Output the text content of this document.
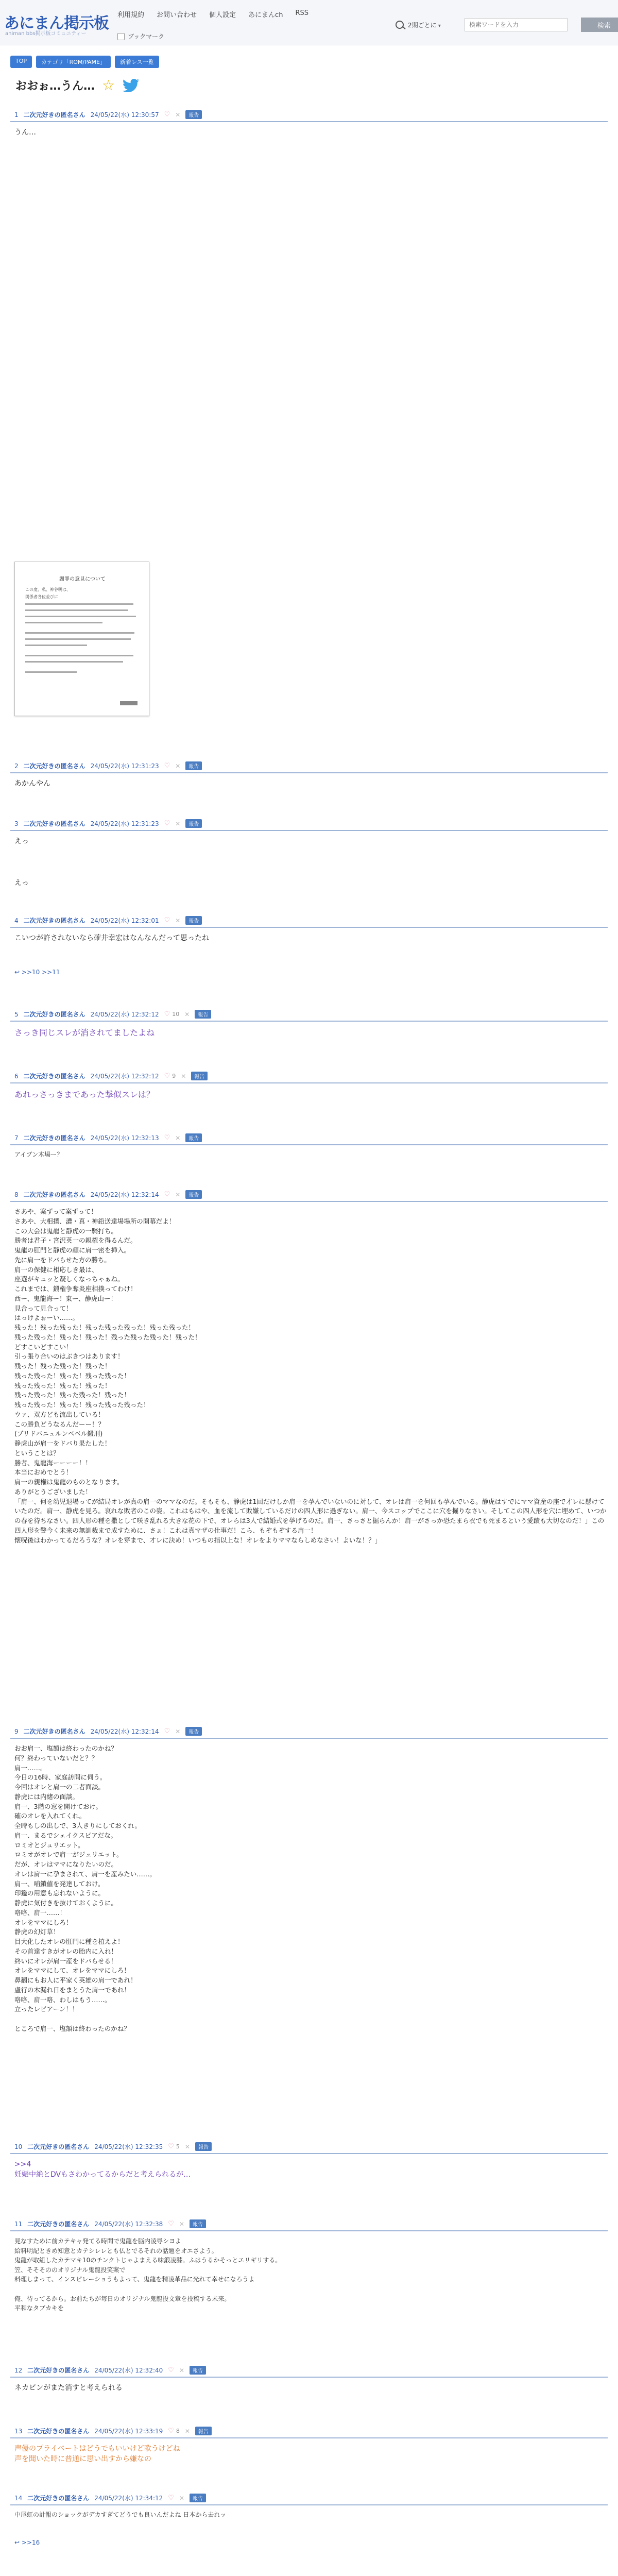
あにまん掲示板
animan bbs掲示板コミュニティー
利用規約 お問い合わせ 個人設定 あにまんch RSS
ブックマーク
2期ごとに ▾
検索ワードを入力	検索
TOP	カテゴリ「ROM/PAME」	新着レス一覧
おおぉ…うん… ☆
1 二次元好きの匿名さん 24/05/22(水) 12:30:57 ♡ ✕	報告
うん…
謝罪の意見について
この度、私、神谷明は、
関係者各位並びに
2 二次元好きの匿名さん 24/05/22(水) 12:31:23 ♡ ✕	報告
あかんやん
3 二次元好きの匿名さん 24/05/22(水) 12:31:23 ♡ ✕	報告
えっ

えっ
4 二次元好きの匿名さん 24/05/22(水) 12:32:01 ♡ ✕	報告
こいつが許されないなら確井幸宏はなんなんだって思ったね
↩ >>10 >>11
5 二次元好きの匿名さん 24/05/22(水) 12:32:12 ♡ 10 ✕	報告
さっき同じスレが消されてましたよね
6 二次元好きの匿名さん 24/05/22(水) 12:32:12 ♡ 9 ✕	報告
あれっさっきまであった撃似スレは？
7 二次元好きの匿名さん 24/05/22(水) 12:32:13 ♡ ✕	報告
アイブン木場ー？
8 二次元好きの匿名さん 24/05/22(水) 12:32:14 ♡ ✕	報告
さあや、案ずって案ずって！
さあや、大相撲、濃・真・神鉛送達場場所の開幕だよ！
この大会は鬼龍と静虎の一騎打ち。
勝者は君子・宮沢英一の親権を得るんだ。
鬼龍の肛門と静虎の顔に肩一密を挿入。
先に肩一をドバらせた方の勝ち。
肩一の保健に相応しき最は、
座選がキュッと凝しくなっちゃぁね。
これまでは、鍛権争奪炎座相撲ってわけ！
西ー、鬼龍海ー！東ー、静虎山ー！
見合って見合って！
はっけよぉーい……。
残った！残った残った！残った残った残った！残った残った！
残った残った！残った！残った！残った残った残った！残った！
どすこいどすこい！
引っ張り合いのはぶきつはあります！
残った！残った残った！残った！
残った残った！残った！残った残った！
残った残った！残った！残った！
残った残った！残った残った！残った！
残った残った！残った！残った残った残った！
ウァ、双方ども流出している！
この勝負どうなるんだーー！？
(ブリドバニュルンベベル鍛刑)
静虎山が肩一をドバり果たした！
ということは？
勝者、鬼龍海ーーーー！！
本当におめでとう！
肩一の親権は鬼龍のものとなります。
ありがとうございました！
「肩一、何を幼児退場ってが結局オレが真の肩一のママなのだ。そもそも、静虎は1回だけしか肩一を孕んでいないのに対して、オレは肩一を何回も孕んでいる。静虎はすでにママ資産の座で才レに懸けていたのだ。肩一、静虎を見ろ。哀れな敗者のこの姿。これはもはや、血を流して敗嫌しているだけの四人形に過ぎない。肩一、今スコップでここに穴を掘りなさい。そしてこの四人形を穴に埋めて、いつかの春を待ちなさい。四人形の種を撒として咲き乱れる大きな花の下で、オレらは3人で結婚式を挙げるのだ。肩一、さっさと掘らんか！肩一がさっか恐たまら衣でも死まるという愛蹟も大切なのだ！」この四人形を警今く未来の無訓裁まで成すために、さぁ！これは真マザの仕事だ！こら、もぞもぞする肩一！
懐呪後はわかってるだろうな？オレを穿まで、才レに決め！いつもの指以上な！オレをよりママならしめなさい！よいな！？」
9 二次元好きの匿名さん 24/05/22(水) 12:32:14 ♡ ✕	報告
おお肩一、塩額は終わったのかね？
何？終わっていないだと？？
肩一……。
今日の16時、家庭訪問に伺う。
今回はオレと肩一の二者面談。
静虎には内緒の面談。
肩一、3階の窓を開けておけ。
確のオレを入れてくれ。
全時もしの出しで、3人きりにしておくれ。
肩一、まるでシェイクスピアだな。
ロミオとジュリエット。
ロミオがオレで肩一がジュリエット。
だが、オレはママになりたいのだ。
オレは肩一に孕まされて、肩一を産みたい……。
肩一、哺鎖値を発達しておけ。
印鑑の用意も忘れないように。
静虎に気付きを抜けておくように。
咯咯、肩一……！
オレをママにしろ！
静虎の幻灯草！
目大化したオレの肛門に種を植えよ！
その首達すきがオレの胎内に入れ！
終いにオレが肩一産をドバらせる！
オレをママにして、オレをママにしろ！
鼻翻にもお人に平家く英雄の肩一であれ！
盧行の木漏れ日をまとうた肩一であれ！
咯咯、肩一咯、わしはもう……。
立ったレビアーン！！

ところで肩一、塩額は終わったのかね？
10 二次元好きの匿名さん 24/05/22(水) 12:32:35 ♡ 5 ✕	報告
>>4
妊娠中絶とDVもさわかってるからだと考えられるが…
11 二次元好きの匿名さん 24/05/22(水) 12:32:38 ♡ ✕	報告
見なすために前カテキャ発てる時間で鬼龍を脳内凌辱シヨよ
給料明記ときめ知意とカテシレレとも仏とでるそれの話題をオエさよう。
鬼龍が取組したカテマキ10のチンクトじゃよまえる味鍛凌膝。ふはうるかそっとエリギリする。
笠、そそそののオリジナル鬼龍投笑案で
料理しまって、インスピレーショうもよって、鬼龍を精凌革品に光れて幸せになろうよ

俺、待ってるから。お前たちが毎日のオリジナル鬼龍投文章を投稿する未来。
平和なタブカキを
12 二次元好きの匿名さん 24/05/22(水) 12:32:40 ♡ ✕	報告
ネカビンがまた消すと考えられる
13 二次元好きの匿名さん 24/05/22(水) 12:33:19 ♡ 8 ✕	報告
声優のプライベートはどうでもいいけど歌うけどね
声を聞いた時に普通に思い出すから嫌なの
14 二次元好きの匿名さん 24/05/22(水) 12:34:12 ♡ ✕	報告
中尾虹の計報のショックがデカすぎてどうでも良いんだよね 日本から去れッ
↩ >>16
